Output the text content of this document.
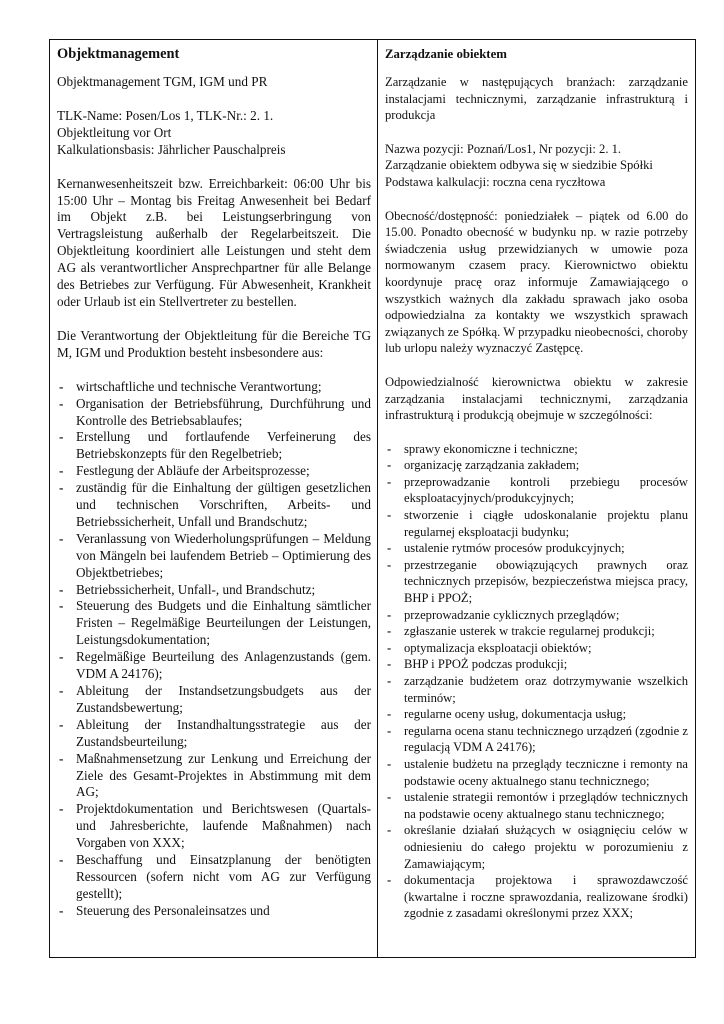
Objektmanagement

Objektmanagement TGM, IGM und PR

TLK-Name: Posen/Los 1, TLK-Nr.: 2. 1.

Objektleitung vor Ort

Kalkulationsbasis: Jährlicher Pauschalpreis

Kernanwesenheitszeit bzw. Erreichbarkeit: 06:00 Uhr bis 15:00 Uhr – Montag bis Freitag Anwesenheit bei Bedarf im Objekt z.B. bei Leistungserbringung von Vertragsleistung außerhalb der Regelarbeitszeit. Die Objektleitung koordiniert alle Leistungen und steht dem AG als verantwortlicher Ansprechpartner für alle Belange des Betriebes zur Verfügung. Für Abwesenheit, Krankheit oder Urlaub ist ein Stellvertreter zu bestellen.

Die Verantwortung der Objektleitung für die Bereiche TG M, IGM und Produktion besteht insbesondere aus:

- wirtschaftliche und technische Verantwortung;
- Organisation der Betriebsführung, Durchführung und Kontrolle des Betriebsablaufes;
- Erstellung und fortlaufende Verfeinerung des Betriebskonzepts für den Regelbetrieb;
- Festlegung der Abläufe der Arbeitsprozesse;
- zuständig für die Einhaltung der gültigen gesetzlichen und technischen Vorschriften, Arbeits- und Betriebssicherheit, Unfall und Brandschutz;
- Veranlassung von Wiederholungsprüfungen – Meldung von Mängeln bei laufendem Betrieb – Optimierung des Objektbetriebes;
- Betriebssicherheit, Unfall-, und Brandschutz;
- Steuerung des Budgets und die Einhaltung sämtlicher Fristen – Regelmäßige Beurteilungen der Leistungen, Leistungsdokumentation;
- Regelmäßige Beurteilung des Anlagenzustands (gem. VDM A 24176);
- Ableitung der Instandsetzungsbudgets aus der Zustandsbewertung;
- Ableitung der Instandhaltungsstrategie aus der Zustandsbeurteilung;
- Maßnahmensetzung zur Lenkung und Erreichung der Ziele des Gesamt-Projektes in Abstimmung mit dem AG;
- Projektdokumentation und Berichtswesen (Quartals- und Jahresberichte, laufende Maßnahmen) nach Vorgaben von XXX;
- Beschaffung und Einsatzplanung der benötigten Ressourcen (sofern nicht vom AG zur Verfügung gestellt);
- Steuerung des Personaleinsatzes und
Zarządzanie obiektem

Zarządzanie w następujących branżach: zarządzanie instalacjami technicznymi, zarządzanie infrastrukturą i produkcja

Nazwa pozycji: Poznań/Los1, Nr pozycji: 2. 1.

Zarządzanie obiektem odbywa się w siedzibie Spółki

Podstawa kalkulacji: roczna cena ryczłtowa

Obecność/dostępność: poniedziałek – piątek od 6.00 do 15.00. Ponadto obecność w budynku np. w razie potrzeby świadczenia usług przewidzianych w umowie poza normowanym czasem pracy. Kierownictwo obiektu koordynuje pracę oraz informuje Zamawiającego o wszystkich ważnych dla zakładu sprawach jako osoba odpowiedzialna za kontakty we wszystkich sprawach związanych ze Spółką. W przypadku nieobecności, choroby lub urlopu należy wyznaczyć Zastępcę.

Odpowiedzialność kierownictwa obiektu w zakresie zarządzania instalacjami technicznymi, zarządzania infrastrukturą i produkcją obejmuje w szczególności:

- sprawy ekonomiczne i techniczne;
- organizację zarządzania zakładem;
- przeprowadzanie kontroli przebiegu procesów eksploatacyjnych/produkcyjnych;
- stworzenie i ciągłe udoskonalanie projektu planu regularnej eksploatacji budynku;
- ustalenie rytmów procesów produkcyjnych;
- przestrzeganie obowiązujących prawnych oraz technicznych przepisów, bezpieczeństwa miejsca pracy, BHP i PPOŻ;
- przeprowadzanie cyklicznych przeglądów;
- zgłaszanie usterek w trakcie regularnej produkcji;
- optymalizacja eksploatacji obiektów;
- BHP i PPOŻ podczas produkcji;
- zarządzanie budżetem oraz dotrzymywanie wszelkich terminów;
- regularne oceny usług, dokumentacja usług;
- regularna ocena stanu technicznego urządzeń (zgodnie z regulacją VDM A 24176);
- ustalenie budżetu na przeglądy teczniczne i remonty na podstawie oceny aktualnego stanu technicznego;
- ustalenie strategii remontów i przeglądów technicznych na podstawie oceny aktualnego stanu technicznego;
- określanie działań służących w osiągnięciu celów w odniesieniu do całego projektu w porozumieniu z Zamawiającym;
- dokumentacja projektowa i sprawozdawczość (kwartalne i roczne sprawozdania, realizowane środki) zgodnie z zasadami określonymi przez XXX;
